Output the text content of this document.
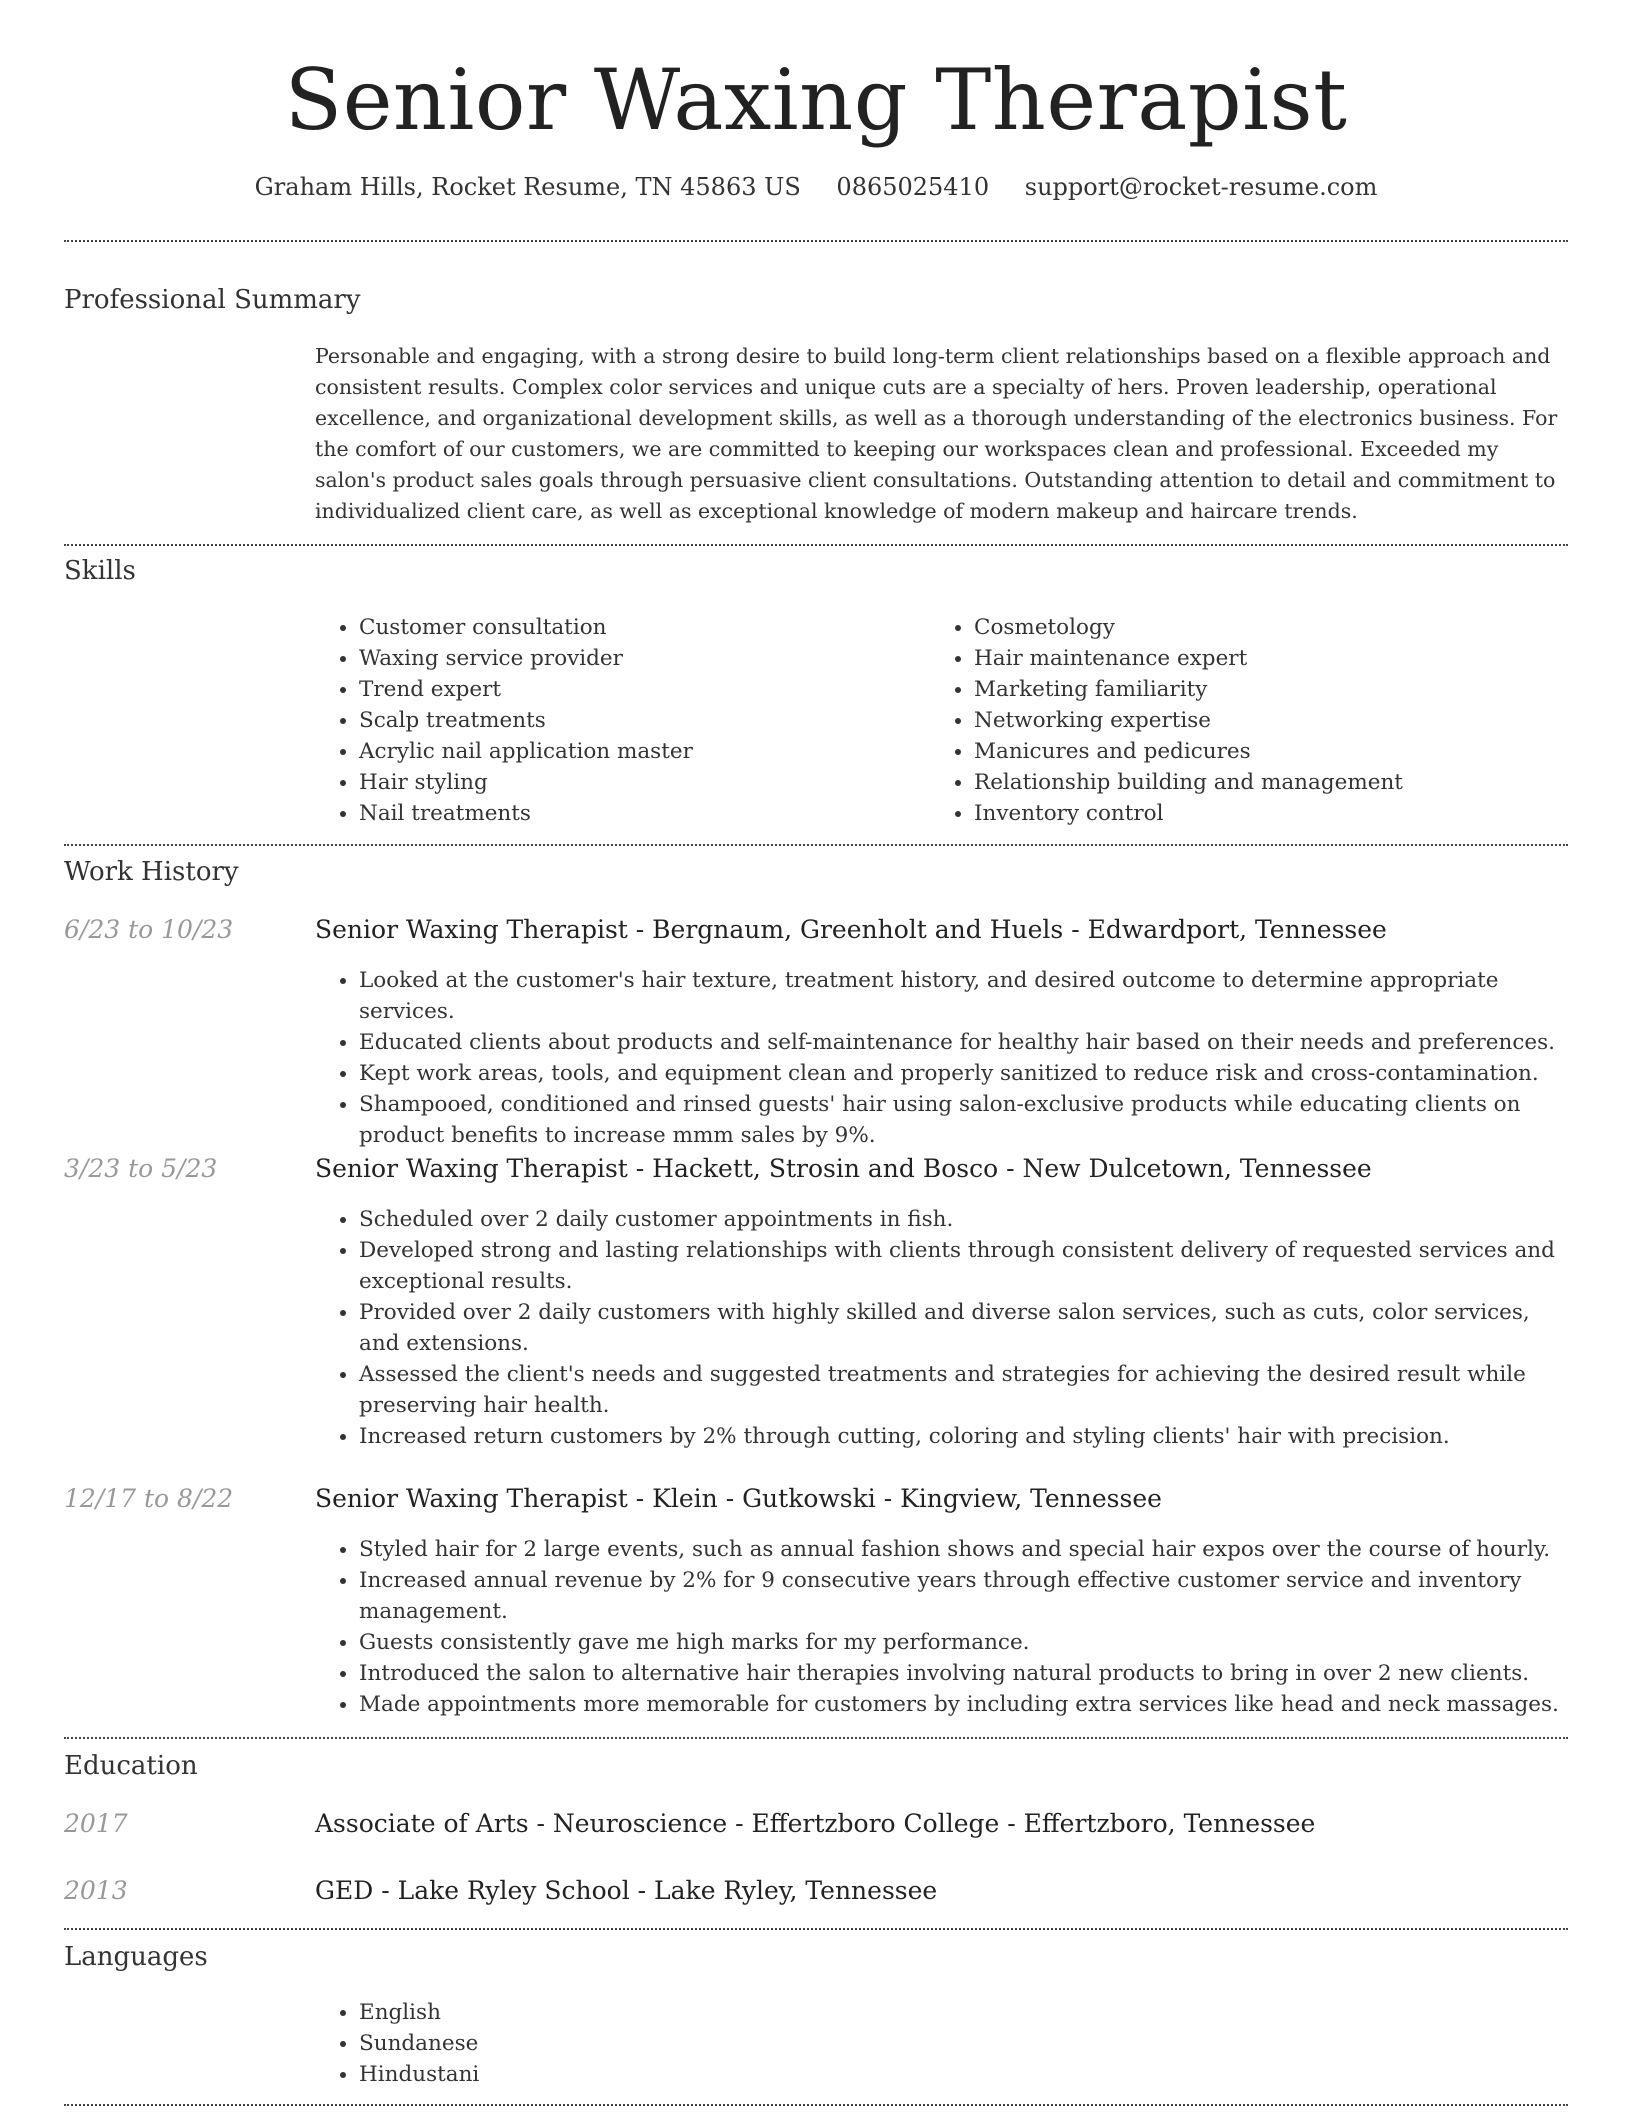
Senior Waxing Therapist
Graham Hills, Rocket Resume, TN 45863 US 0865025410 support@rocket-resume.com
Professional Summary

Personable and engaging, with a strong desire to build long-term client relationships based on a flexible approach and consistent results. Complex color services and unique cuts are a specialty of hers. Proven leadership, operational excellence, and organizational development skills, as well as a thorough understanding of the electronics business. For the comfort of our customers, we are committed to keeping our workspaces clean and professional. Exceeded my salon's product sales goals through persuasive client consultations. Outstanding attention to detail and commitment to individualized client care, as well as exceptional knowledge of modern makeup and haircare trends.

Skills
• Customer consultation
• Waxing service provider
• Trend expert
• Scalp treatments
• Acrylic nail application master
• Hair styling
• Nail treatments
• Cosmetology
• Hair maintenance expert
• Marketing familiarity
• Networking expertise
• Manicures and pedicures
• Relationship building and management
• Inventory control
Work History
6/23 to 10/23	Senior Waxing Therapist - Bergnaum, Greenholt and Huels - Edwardport, Tennessee
• Looked at the customer's hair texture, treatment history, and desired outcome to determine appropriate services.
• Educated clients about products and self-maintenance for healthy hair based on their needs and preferences.
• Kept work areas, tools, and equipment clean and properly sanitized to reduce risk and cross-contamination.
• Shampooed, conditioned and rinsed guests' hair using salon-exclusive products while educating clients on product benefits to increase mmm sales by 9%.
3/23 to 5/23	Senior Waxing Therapist - Hackett, Strosin and Bosco - New Dulcetown, Tennessee
• Scheduled over 2 daily customer appointments in fish.
• Developed strong and lasting relationships with clients through consistent delivery of requested services and exceptional results.
• Provided over 2 daily customers with highly skilled and diverse salon services, such as cuts, color services, and extensions.
• Assessed the client's needs and suggested treatments and strategies for achieving the desired result while preserving hair health.
• Increased return customers by 2% through cutting, coloring and styling clients' hair with precision.
12/17 to 8/22	Senior Waxing Therapist - Klein - Gutkowski - Kingview, Tennessee
• Styled hair for 2 large events, such as annual fashion shows and special hair expos over the course of hourly.
• Increased annual revenue by 2% for 9 consecutive years through effective customer service and inventory management.
• Guests consistently gave me high marks for my performance.
• Introduced the salon to alternative hair therapies involving natural products to bring in over 2 new clients.
• Made appointments more memorable for customers by including extra services like head and neck massages.
Education
2017	Associate of Arts - Neuroscience - Effertzboro College - Effertzboro, Tennessee
2013	GED - Lake Ryley School - Lake Ryley, Tennessee
Languages
• English
• Sundanese
• Hindustani
